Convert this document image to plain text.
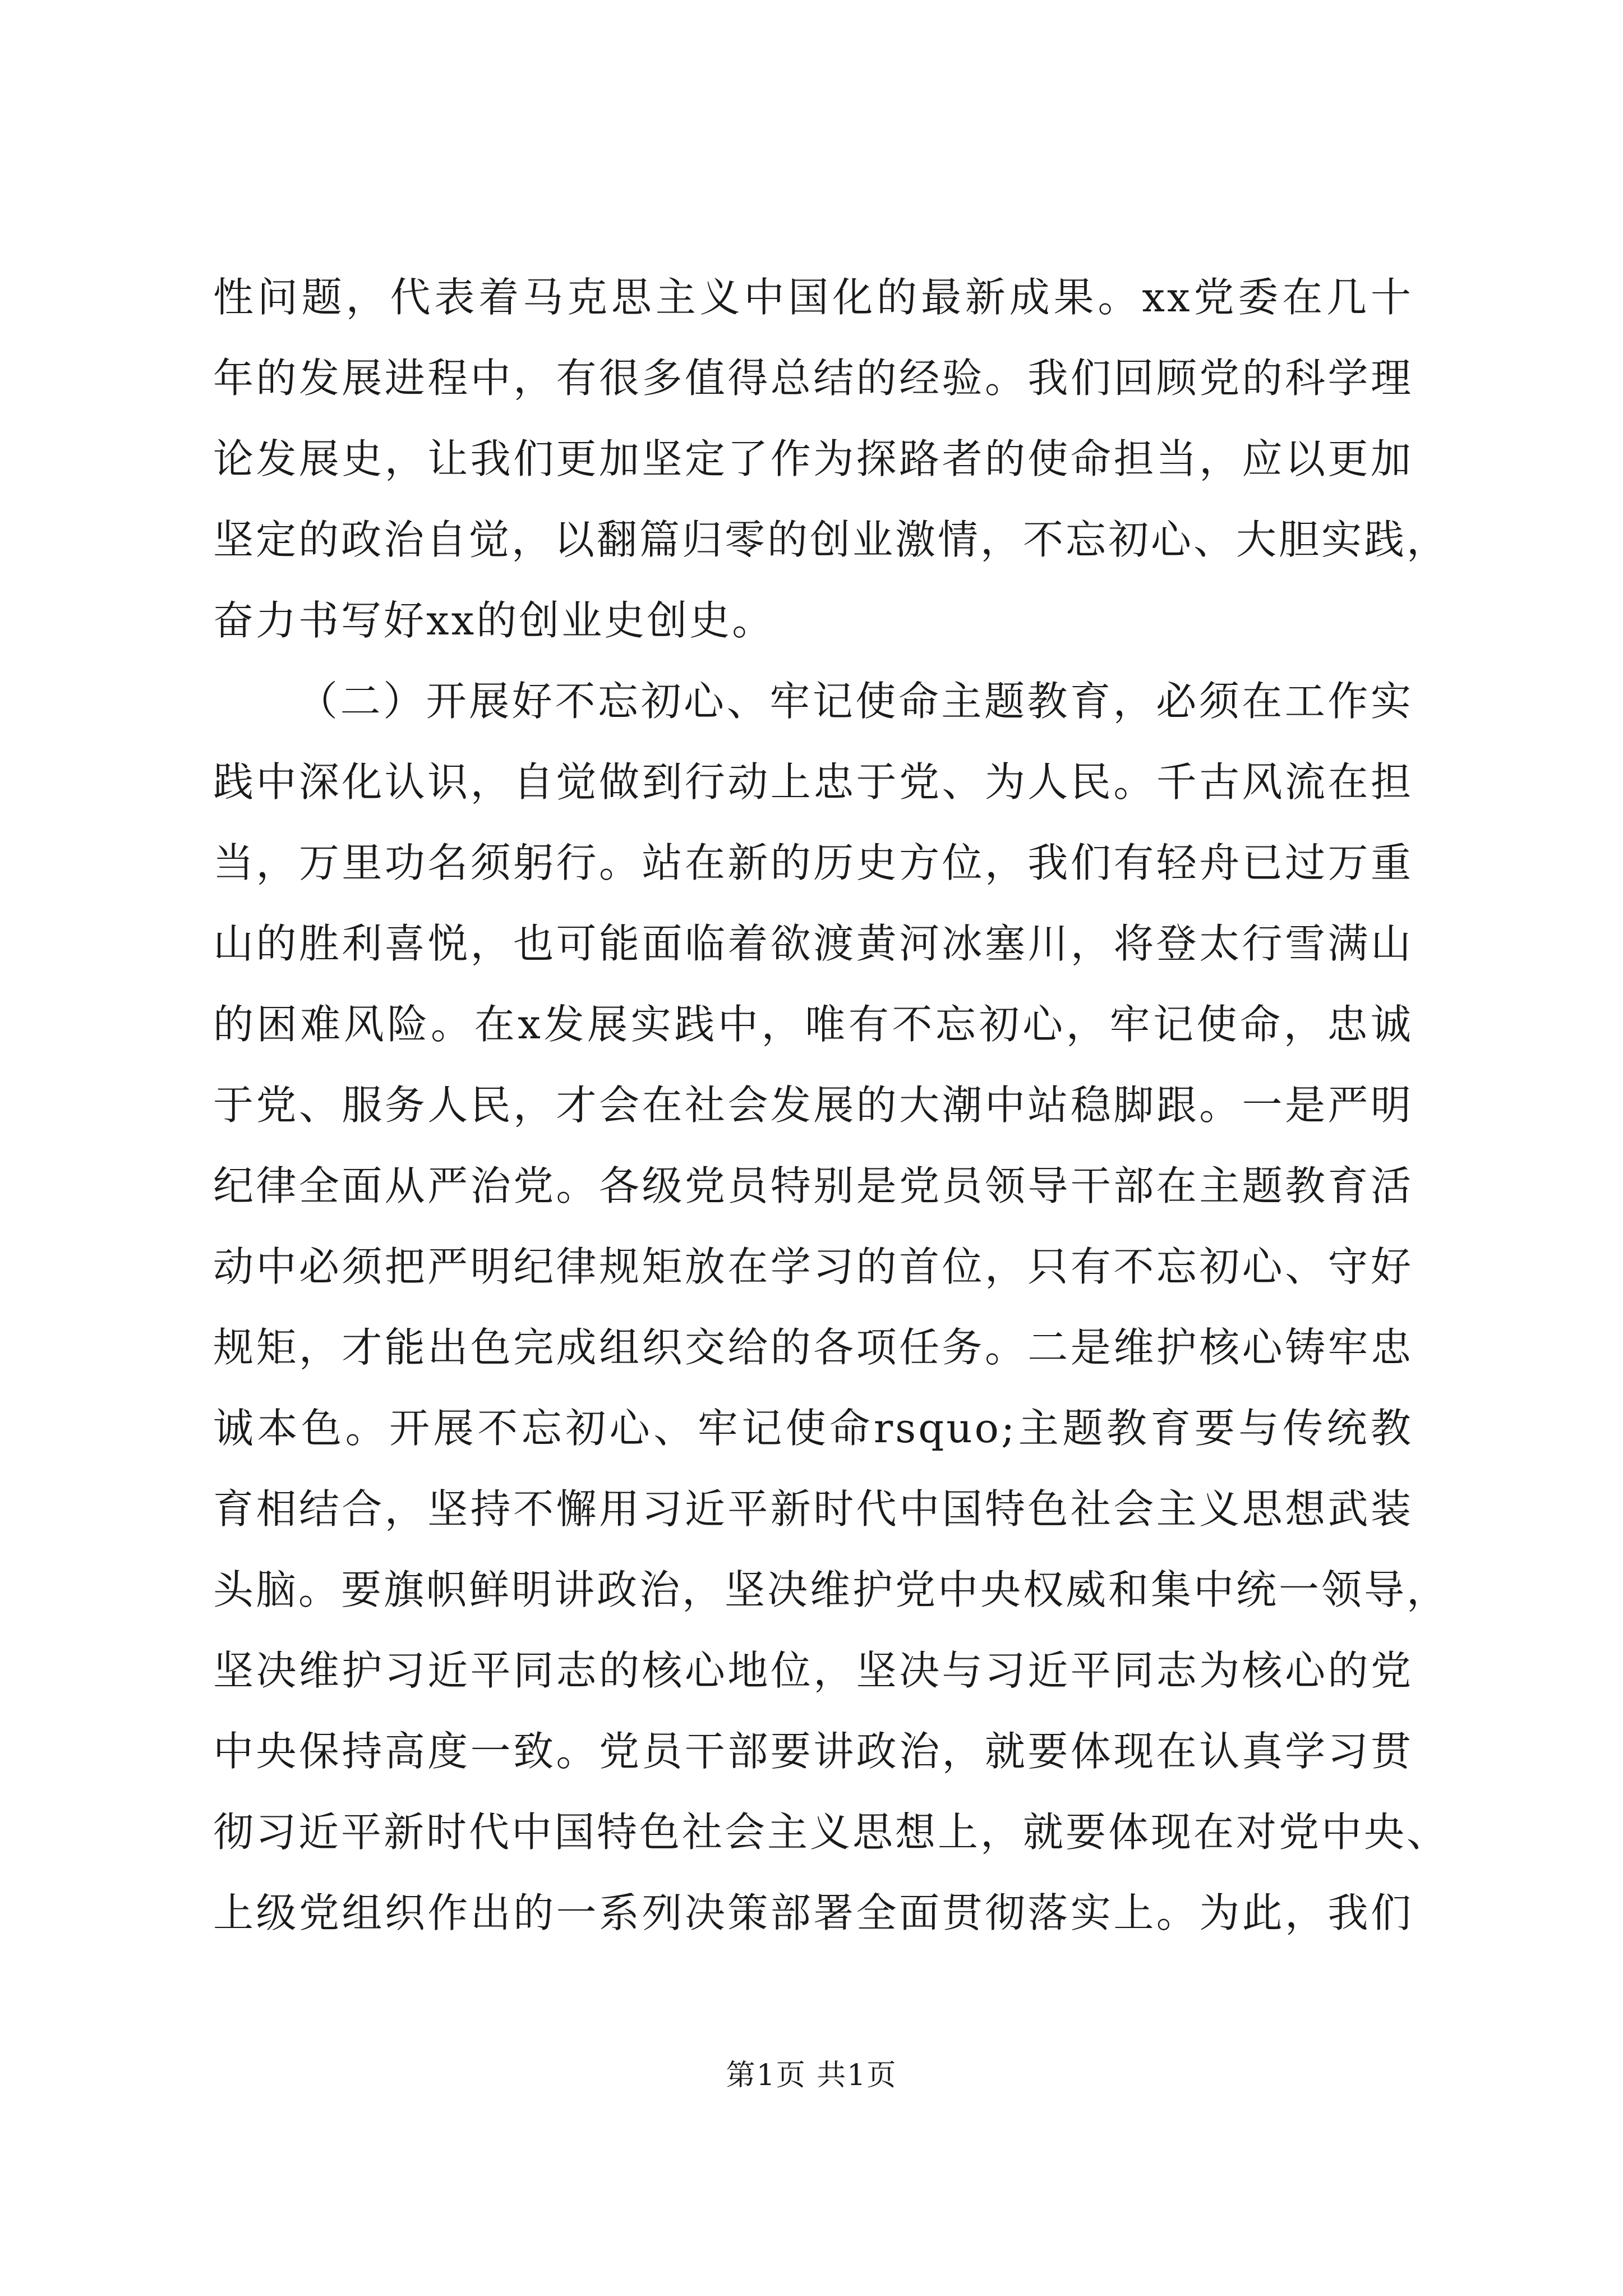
性问题，代表着马克思主义中国化的最新成果。xx党委在几十
年的发展进程中，有很多值得总结的经验。我们回顾党的科学理
论发展史，让我们更加坚定了作为探路者的使命担当，应以更加
坚定的政治自觉，以翻篇归零的创业激情，不忘初心、大胆实践，
奋力书写好xx的创业史创史。
（二）开展好不忘初心、牢记使命主题教育，必须在工作实
践中深化认识，自觉做到行动上忠于党、为人民。千古风流在担
当，万里功名须躬行。站在新的历史方位，我们有轻舟已过万重
山的胜利喜悦，也可能面临着欲渡黄河冰塞川，将登太行雪满山
的困难风险。在x发展实践中，唯有不忘初心，牢记使命，忠诚
于党、服务人民，才会在社会发展的大潮中站稳脚跟。一是严明
纪律全面从严治党。各级党员特别是党员领导干部在主题教育活
动中必须把严明纪律规矩放在学习的首位，只有不忘初心、守好
规矩，才能出色完成组织交给的各项任务。二是维护核心铸牢忠
诚本色。开展不忘初心、牢记使命rsquo;主题教育要与传统教
育相结合，坚持不懈用习近平新时代中国特色社会主义思想武装
头脑。要旗帜鲜明讲政治，坚决维护党中央权威和集中统一领导，
坚决维护习近平同志的核心地位，坚决与习近平同志为核心的党
中央保持高度一致。党员干部要讲政治，就要体现在认真学习贯
彻习近平新时代中国特色社会主义思想上，就要体现在对党中央、
上级党组织作出的一系列决策部署全面贯彻落实上。为此，我们
第1页 共1页
